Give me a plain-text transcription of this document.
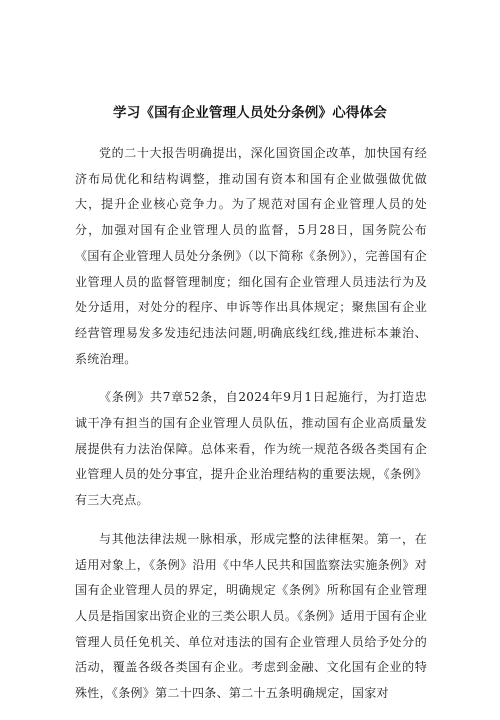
学习《国有企业管理人员处分条例》心得体会

党的二十大报告明确提出，深化国资国企改革，加快国有经济布局优化和结构调整，推动国有资本和国有企业做强做优做大，提升企业核心竞争力。为了规范对国有企业管理人员的处分，加强对国有企业管理人员的监督，5月28日，国务院公布《国有企业管理人员处分条例》（以下简称《条例》），完善国有企业管理人员的监督管理制度；细化国有企业管理人员违法行为及处分适用，对处分的程序、申诉等作出具体规定；聚焦国有企业经营管理易发多发违纪违法问题,明确底线红线,推进标本兼治、系统治理。

《条例》共7章52条，自2024年9月1日起施行，为打造忠诚干净有担当的国有企业管理人员队伍，推动国有企业高质量发展提供有力法治保障。总体来看，作为统一规范各级各类国有企业管理人员的处分事宜，提升企业治理结构的重要法规，《条例》有三大亮点。

与其他法律法规一脉相承，形成完整的法律框架。第一，在适用对象上，《条例》沿用《中华人民共和国监察法实施条例》对国有企业管理人员的界定，明确规定《条例》所称国有企业管理人员是指国家出资企业的三类公职人员。《条例》适用于国有企业管理人员任免机关、单位对违法的国有企业管理人员给予处分的活动，覆盖各级各类国有企业。考虑到金融、文化国有企业的特殊性，《条例》第二十四条、第二十五条明确规定，国家对
